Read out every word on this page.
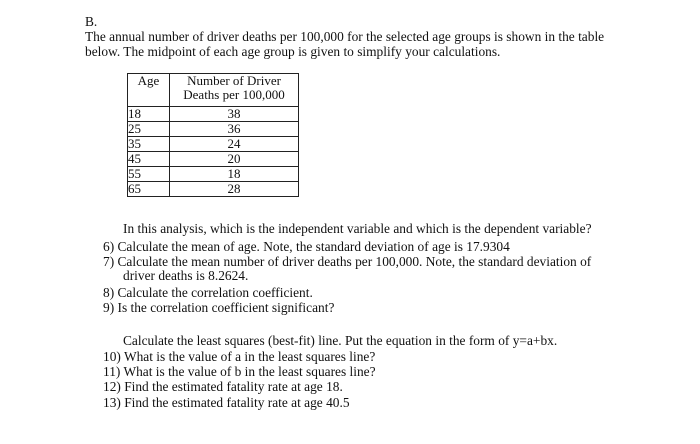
B.
The annual number of driver deaths per 100,000 for the selected age groups is shown in the table
below. The midpoint of each age group is given to simplify your calculations.
Age	Number of Driver
Deaths per 100,000

18	38
25	36
35	24
45	20
55	18
65	28
In this analysis, which is the independent variable and which is the dependent variable?
6) Calculate the mean of age. Note, the standard deviation of age is 17.9304
7) Calculate the mean number of driver deaths per 100,000. Note, the standard deviation of
driver deaths is 8.2624.
8) Calculate the correlation coefficient.
9) Is the correlation coefficient significant?
Calculate the least squares (best-fit) line. Put the equation in the form of y=a+bx.
10) What is the value of a in the least squares line?
11) What is the value of b in the least squares line?
12) Find the estimated fatality rate at age 18.
13) Find the estimated fatality rate at age 40.5
